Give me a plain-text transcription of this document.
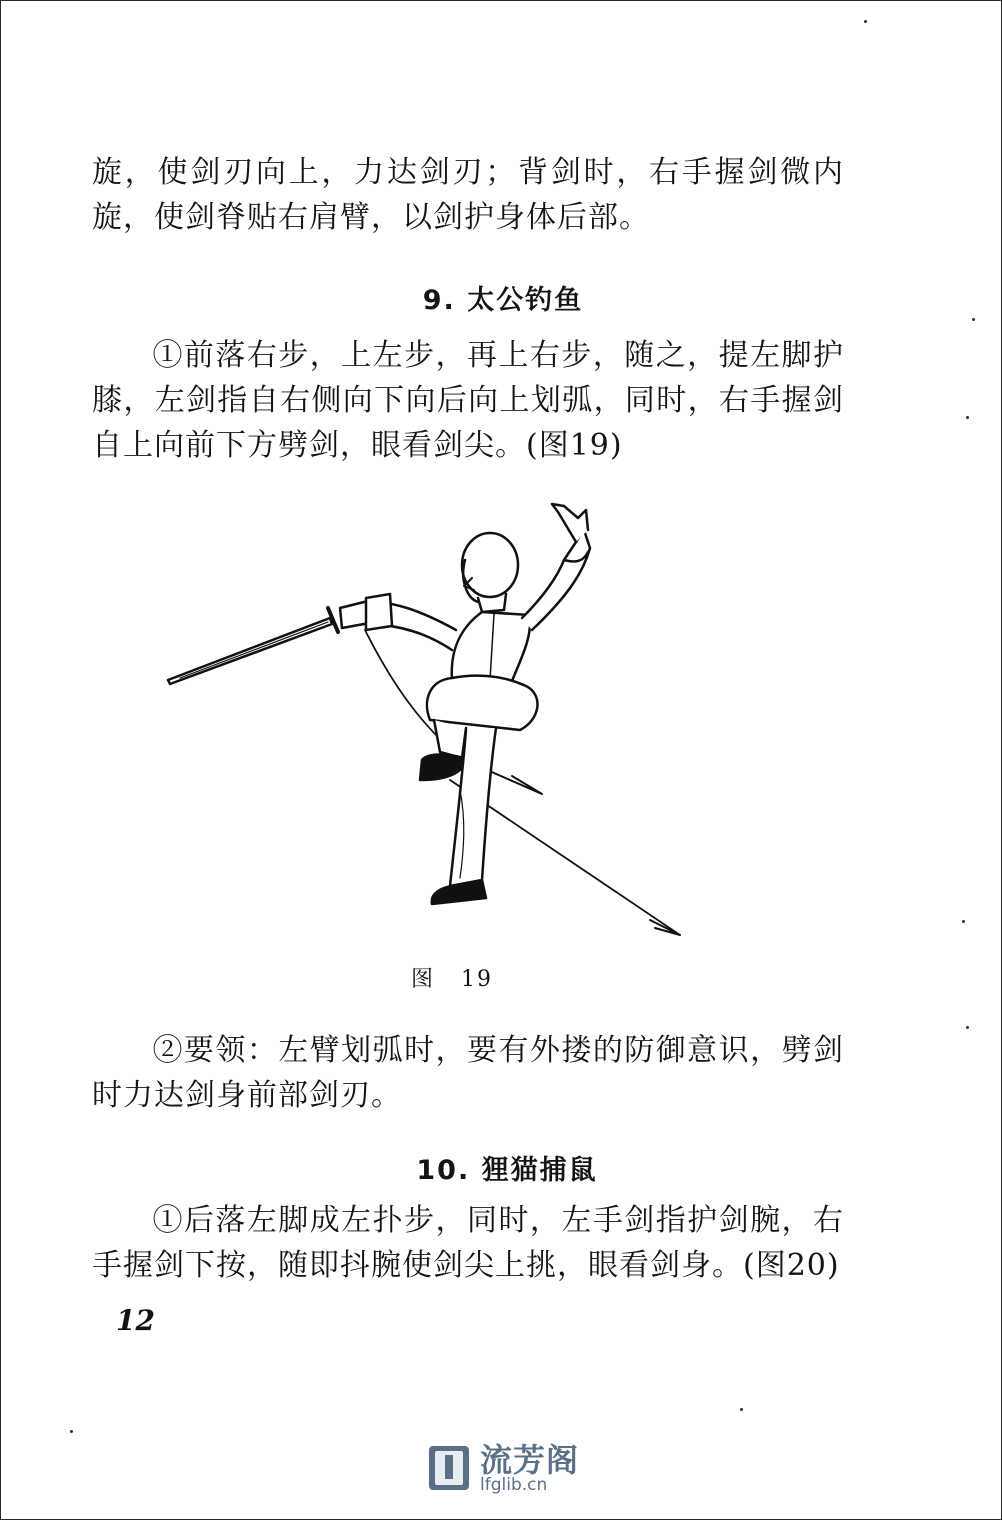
旋，使剑刃向上，力达剑刃；背剑时，右手握剑微内旋，使剑脊贴右肩臂，以剑护身体后部。

9. 太公钓鱼

①前落右步，上左步，再上右步，随之，提左脚护膝，左剑指自右侧向下向后向上划弧，同时，右手握剑自上向前下方劈剑，眼看剑尖。(图19)

图 19

②要领：左臂划弧时，要有外搂的防御意识，劈剑时力达剑身前部剑刃。

10. 狸猫捕鼠

①后落左脚成左扑步，同时，左手剑指护剑腕，右手握剑下按，随即抖腕使剑尖上挑，眼看剑身。(图20)

12
流芳阁
lfglib.cn
